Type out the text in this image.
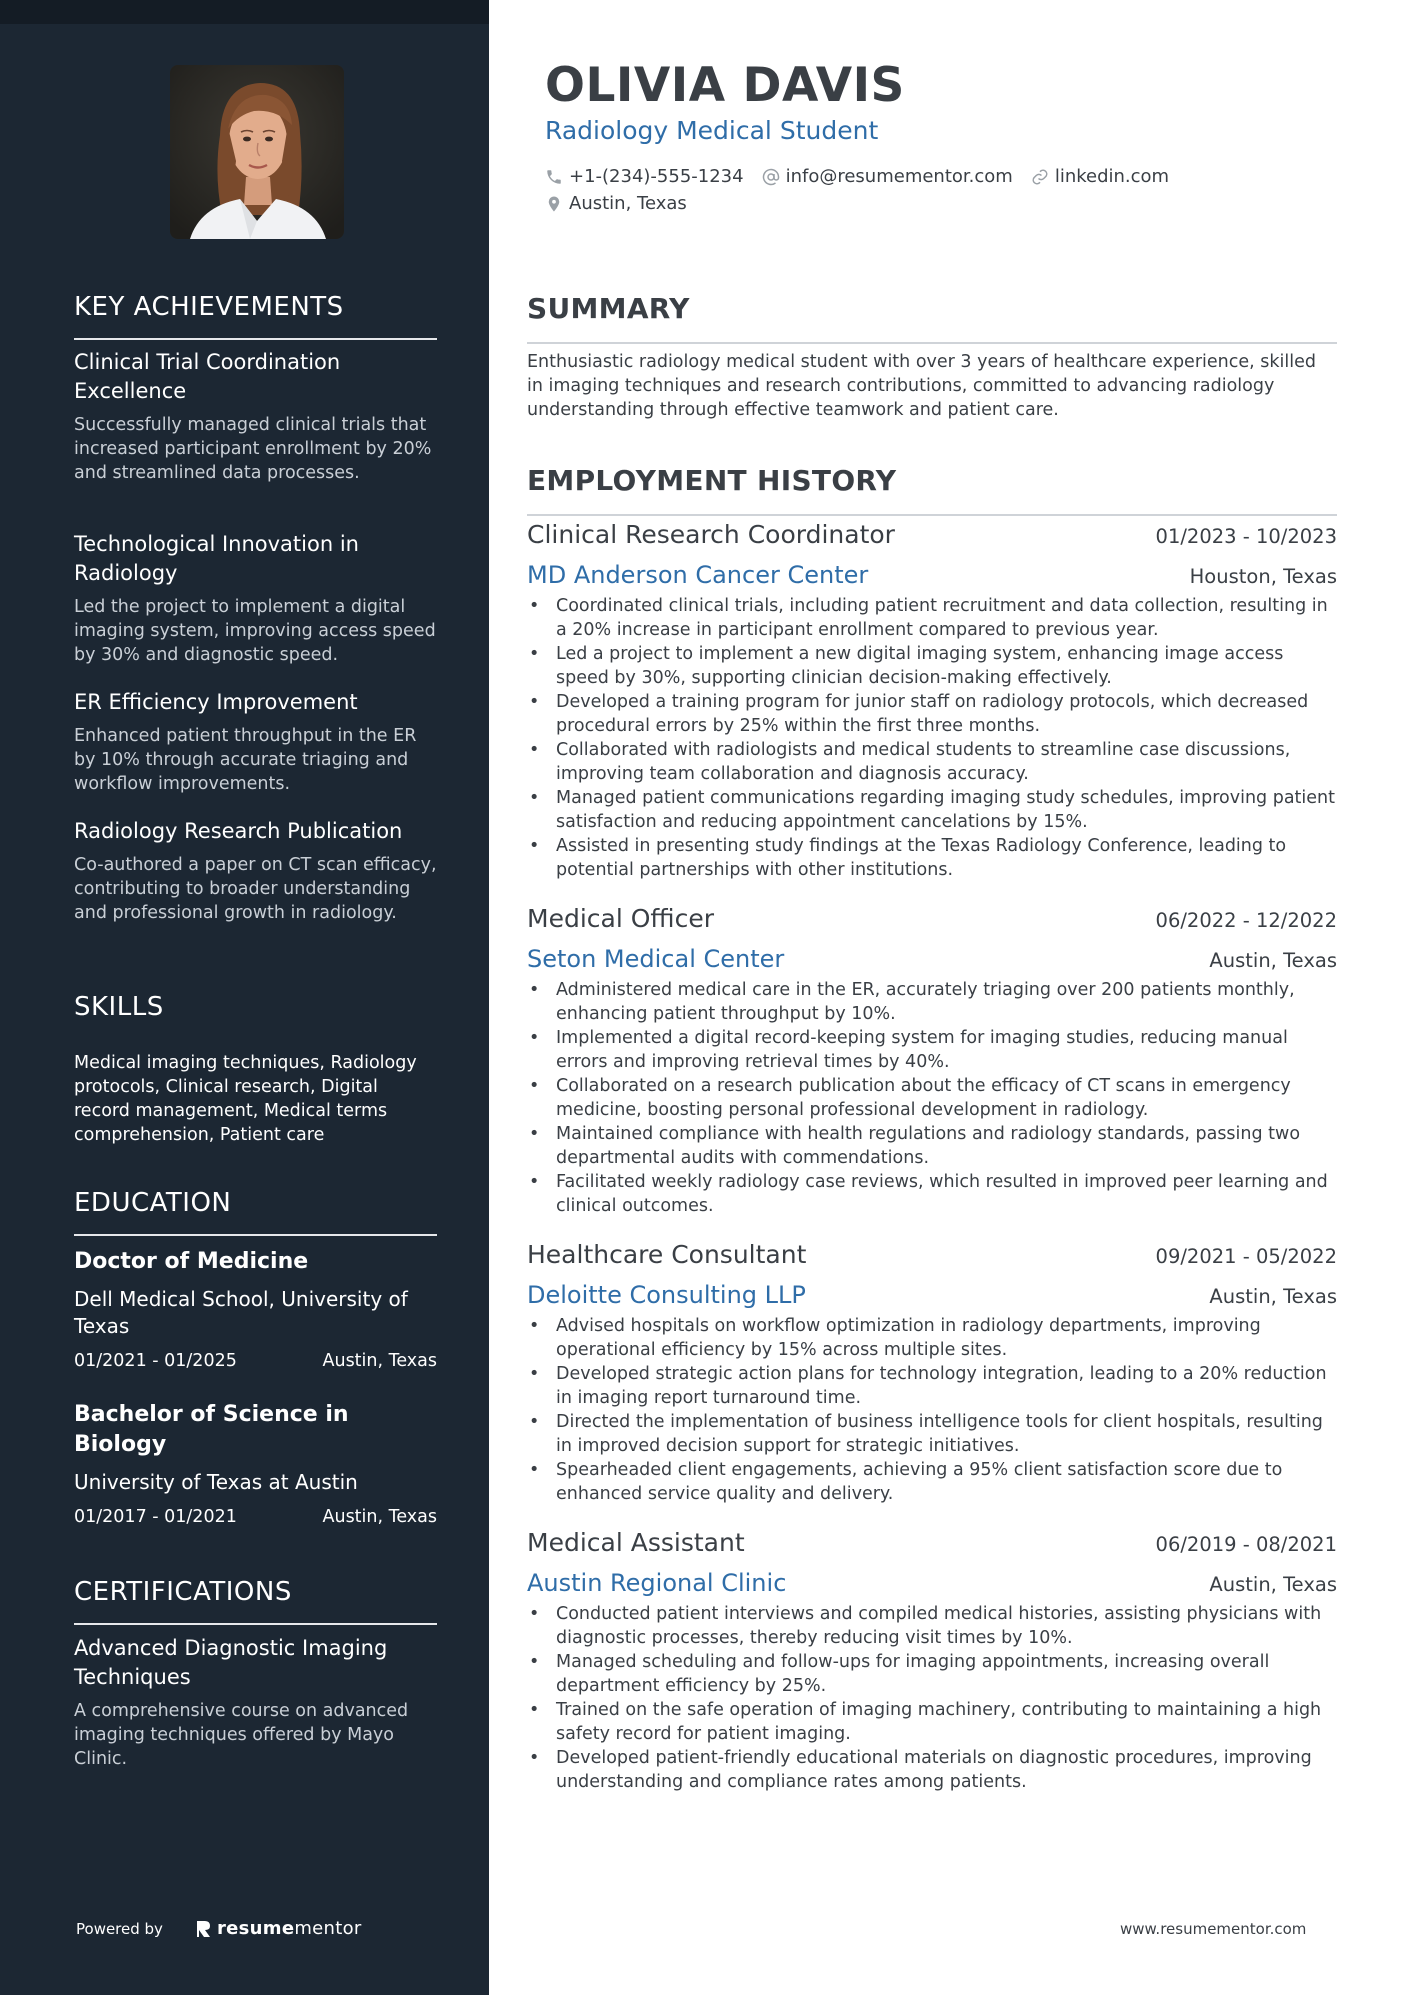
KEY ACHIEVEMENTS
Clinical Trial Coordination Excellence
Successfully managed clinical trials that increased participant enrollment by 20% and streamlined data processes.
Technological Innovation in Radiology
Led the project to implement a digital imaging system, improving access speed by 30% and diagnostic speed.
ER Efficiency Improvement
Enhanced patient throughput in the ER by 10% through accurate triaging and workflow improvements.
Radiology Research Publication
Co-authored a paper on CT scan efficacy, contributing to broader understanding and professional growth in radiology.
SKILLS
Medical imaging techniques, Radiology protocols, Clinical research, Digital record management, Medical terms comprehension, Patient care
EDUCATION
Doctor of Medicine
Dell Medical School, University of Texas
01/2021 - 01/2025	Austin, Texas
Bachelor of Science in Biology
University of Texas at Austin
01/2017 - 01/2021	Austin, Texas
CERTIFICATIONS
Advanced Diagnostic Imaging Techniques
A comprehensive course on advanced imaging techniques offered by Mayo Clinic.
Powered by	resume mentor
OLIVIA DAVIS
Radiology Medical Student
+1-(234)-555-1234 info@resumementor.com linkedin.com
Austin, Texas
SUMMARY

Enthusiastic radiology medical student with over 3 years of healthcare experience, skilled in imaging techniques and research contributions, committed to advancing radiology understanding through effective teamwork and patient care.

EMPLOYMENT HISTORY
Clinical Research Coordinator	01/2023 - 10/2023
MD Anderson Cancer Center	Houston, Texas
• Coordinated clinical trials, including patient recruitment and data collection, resulting in a 20% increase in participant enrollment compared to previous year.
• Led a project to implement a new digital imaging system, enhancing image access speed by 30%, supporting clinician decision-making effectively.
• Developed a training program for junior staff on radiology protocols, which decreased procedural errors by 25% within the first three months.
• Collaborated with radiologists and medical students to streamline case discussions, improving team collaboration and diagnosis accuracy.
• Managed patient communications regarding imaging study schedules, improving patient satisfaction and reducing appointment cancelations by 15%.
• Assisted in presenting study findings at the Texas Radiology Conference, leading to potential partnerships with other institutions.
Medical Officer	06/2022 - 12/2022
Seton Medical Center	Austin, Texas
• Administered medical care in the ER, accurately triaging over 200 patients monthly, enhancing patient throughput by 10%.
• Implemented a digital record-keeping system for imaging studies, reducing manual errors and improving retrieval times by 40%.
• Collaborated on a research publication about the efficacy of CT scans in emergency medicine, boosting personal professional development in radiology.
• Maintained compliance with health regulations and radiology standards, passing two departmental audits with commendations.
• Facilitated weekly radiology case reviews, which resulted in improved peer learning and clinical outcomes.
Healthcare Consultant	09/2021 - 05/2022
Deloitte Consulting LLP	Austin, Texas
• Advised hospitals on workflow optimization in radiology departments, improving operational efficiency by 15% across multiple sites.
• Developed strategic action plans for technology integration, leading to a 20% reduction in imaging report turnaround time.
• Directed the implementation of business intelligence tools for client hospitals, resulting in improved decision support for strategic initiatives.
• Spearheaded client engagements, achieving a 95% client satisfaction score due to enhanced service quality and delivery.
Medical Assistant	06/2019 - 08/2021
Austin Regional Clinic	Austin, Texas
• Conducted patient interviews and compiled medical histories, assisting physicians with diagnostic processes, thereby reducing visit times by 10%.
• Managed scheduling and follow-ups for imaging appointments, increasing overall department efficiency by 25%.
• Trained on the safe operation of imaging machinery, contributing to maintaining a high safety record for patient imaging.
• Developed patient-friendly educational materials on diagnostic procedures, improving understanding and compliance rates among patients.
www.resumementor.com
